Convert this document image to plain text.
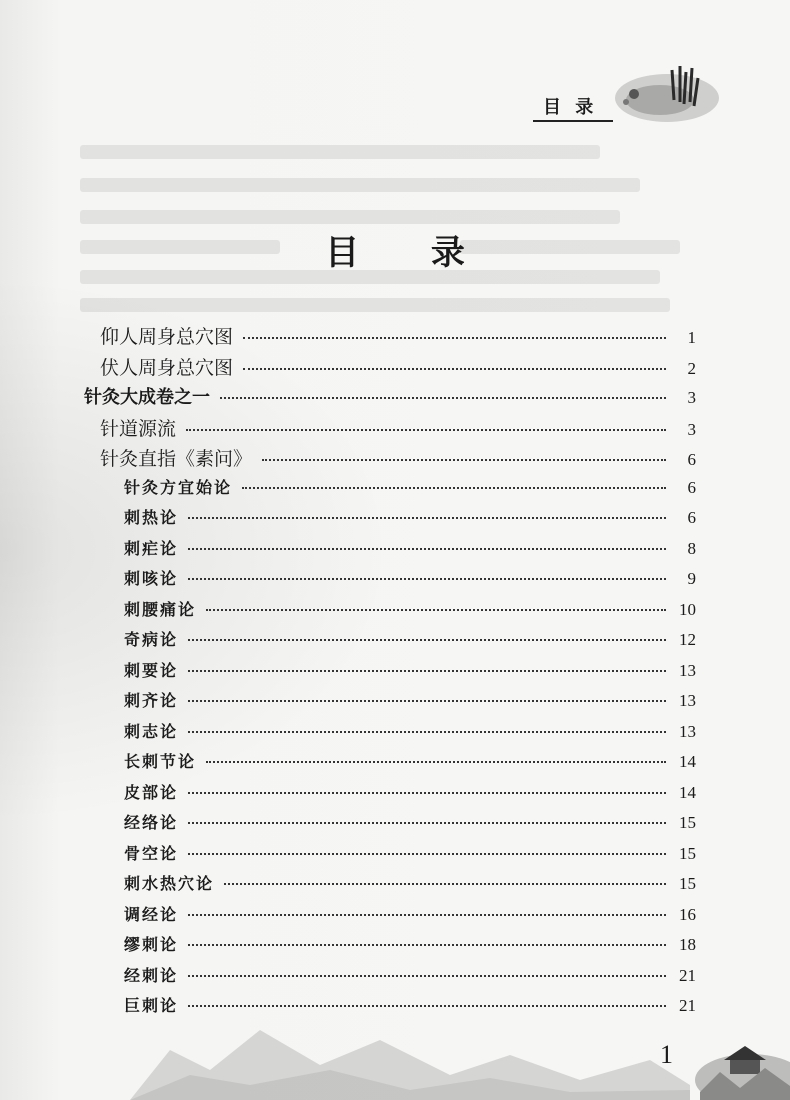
目 录
目 录
仰人周身总穴图	1
伏人周身总穴图	2
针灸大成卷之一	3
针道源流	3
针灸直指《素问》	6
针灸方宜始论	6
刺热论	6
刺疟论	8
刺咳论	9
刺腰痛论	10
奇病论	12
刺要论	13
刺齐论	13
刺志论	13
长刺节论	14
皮部论	14
经络论	15
骨空论	15
刺水热穴论	15
调经论	16
缪刺论	18
经刺论	21
巨刺论	21
1
